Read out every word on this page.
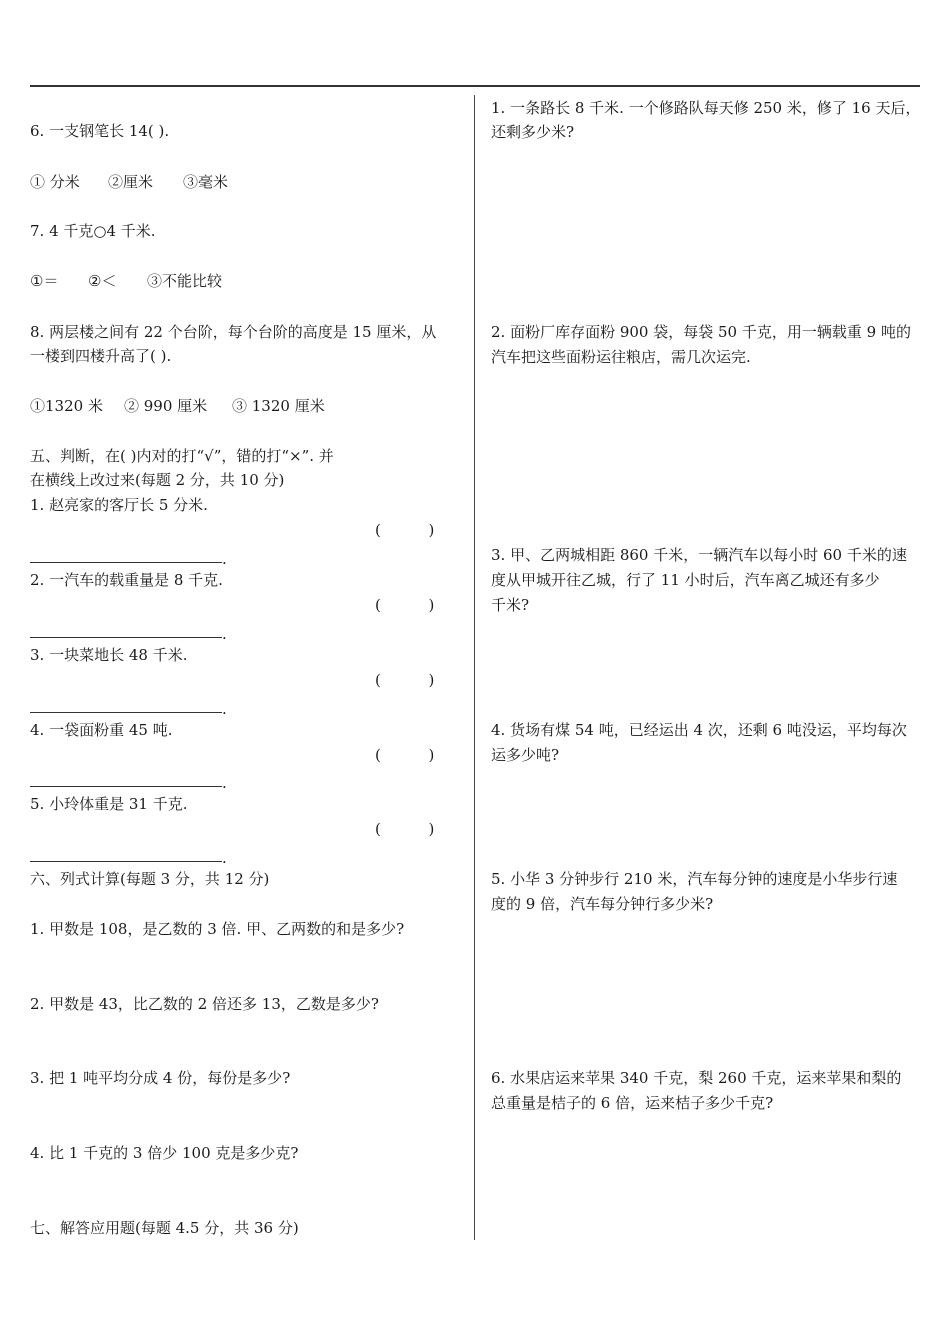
6. 一支钢笔长 14( ).
① 分米 ②厘米 ③毫米
7. 4 千克○4 千米.
①＝ ②＜ ③不能比较
8. 两层楼之间有 22 个台阶，每个台阶的高度是 15 厘米，从
一楼到四楼升高了( ).
①1320 米 ② 990 厘米 ③ 1320 厘米
五、判断，在( )内对的打“√”，错的打“×”. 并
在横线上改过来(每题 2 分，共 10 分)
1. 赵亮家的客厅长 5 分米.
(          )
.
2. 一汽车的载重量是 8 千克.
(          )
.
3. 一块菜地长 48 千米.
(          )
.
4. 一袋面粉重 45 吨.
(          )
.
5. 小玲体重是 31 千克.
(          )
.
六、列式计算(每题 3 分，共 12 分)
1. 甲数是 108，是乙数的 3 倍. 甲、乙两数的和是多少?
2. 甲数是 43，比乙数的 2 倍还多 13，乙数是多少?
3. 把 1 吨平均分成 4 份，每份是多少?
4. 比 1 千克的 3 倍少 100 克是多少克?
七、解答应用题(每题 4.5 分，共 36 分)
1. 一条路长 8 千米. 一个修路队每天修 250 米，修了 16 天后，
还剩多少米?
2. 面粉厂库存面粉 900 袋，每袋 50 千克，用一辆载重 9 吨的
汽车把这些面粉运往粮店，需几次运完.
3. 甲、乙两城相距 860 千米，一辆汽车以每小时 60 千米的速
度从甲城开往乙城，行了 11 小时后，汽车离乙城还有多少
千米?
4. 货场有煤 54 吨，已经运出 4 次，还剩 6 吨没运，平均每次
运多少吨?
5. 小华 3 分钟步行 210 米，汽车每分钟的速度是小华步行速
度的 9 倍，汽车每分钟行多少米?
6. 水果店运来苹果 340 千克，梨 260 千克，运来苹果和梨的
总重量是桔子的 6 倍，运来桔子多少千克?
